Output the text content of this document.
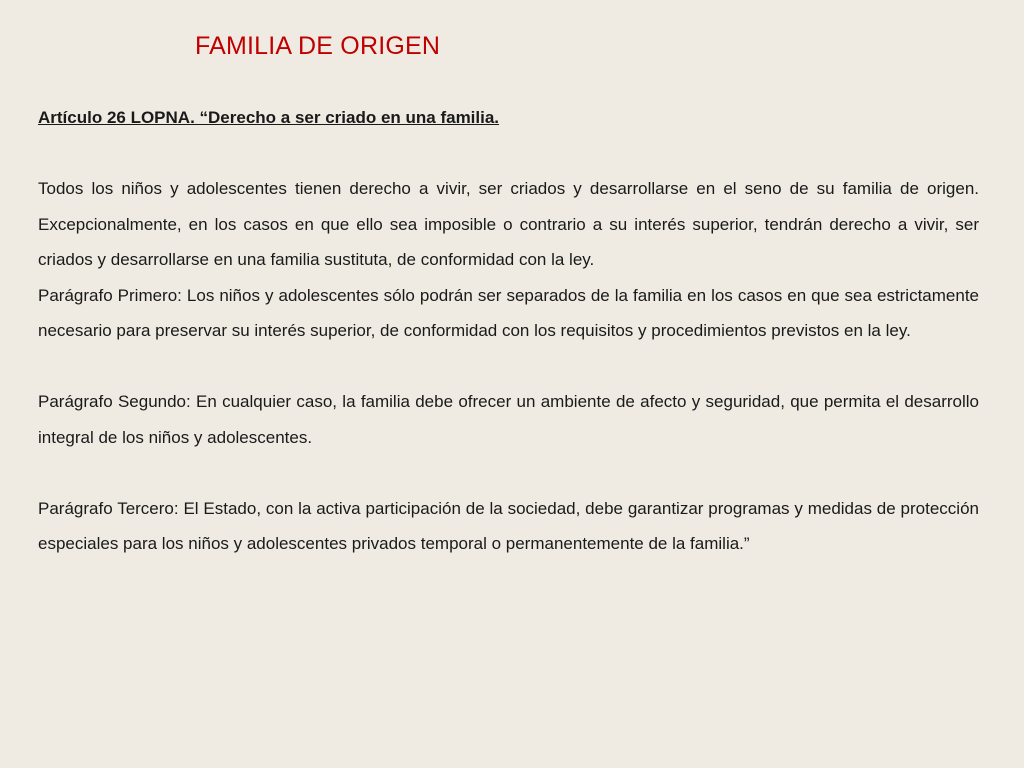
FAMILIA DE ORIGEN

Artículo 26 LOPNA. “Derecho a ser criado en una familia.

Todos los niños y adolescentes tienen derecho a vivir, ser criados y desarrollarse en el seno de su familia de origen. Excepcionalmente, en los casos en que ello sea imposible o contrario a su interés superior, tendrán derecho a vivir, ser criados y desarrollarse en una familia sustituta, de conformidad con la ley.

Parágrafo Primero: Los niños y adolescentes sólo podrán ser separados de la familia en los casos en que sea estrictamente necesario para preservar su interés superior, de conformidad con los requisitos y procedimientos previstos en la ley.

Parágrafo Segundo: En cualquier caso, la familia debe ofrecer un ambiente de afecto y seguridad, que permita el desarrollo integral de los niños y adolescentes.

Parágrafo Tercero: El Estado, con la activa participación de la sociedad, debe garantizar programas y medidas de protección especiales para los niños y adolescentes privados temporal o permanentemente de la familia.”
